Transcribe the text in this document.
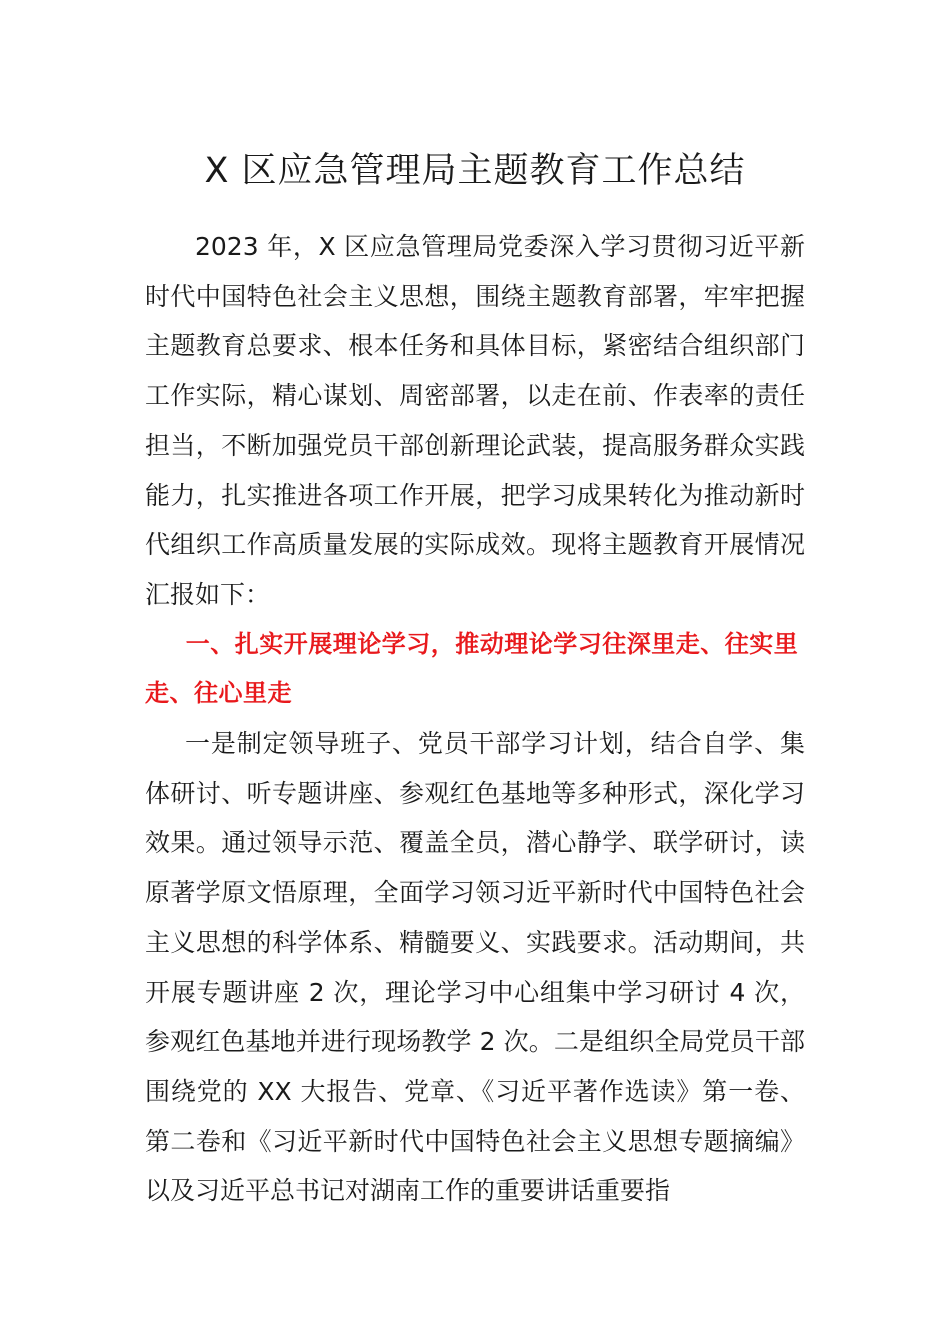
X 区应急管理局主题教育工作总结

2023 年，X 区应急管理局党委深入学习贯彻习近平新时代中国特色社会主义思想，围绕主题教育部署，牢牢把握主题教育总要求、根本任务和具体目标，紧密结合组织部门工作实际，精心谋划、周密部署，以走在前、作表率的责任担当，不断加强党员干部创新理论武装，提高服务群众实践能力，扎实推进各项工作开展，把学习成果转化为推动新时代组织工作高质量发展的实际成效。现将主题教育开展情况汇报如下：

一、扎实开展理论学习，推动理论学习往深里走、往实里走、往心里走

一是制定领导班子、党员干部学习计划，结合自学、集体研讨、听专题讲座、参观红色基地等多种形式，深化学习效果。通过领导示范、覆盖全员，潜心静学、联学研讨，读原著学原文悟原理，全面学习领习近平新时代中国特色社会主义思想的科学体系、精髓要义、实践要求。活动期间，共开展专题讲座 2 次，理论学习中心组集中学习研讨 4 次，参观红色基地并进行现场教学 2 次。二是组织全局党员干部围绕党的 XX 大报告、党章、《习近平著作选读》第一卷、第二卷和《习近平新时代中国特色社会主义思想专题摘编》以及习近平总书记对湖南工作的重要讲话重要指
